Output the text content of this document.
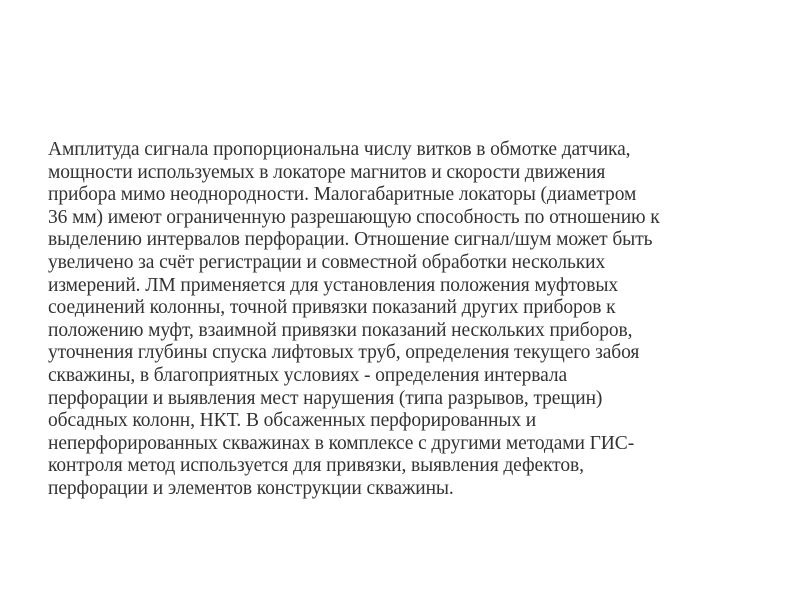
Амплитуда сигнала пропорциональна числу витков в обмотке датчика,
мощности используемых в локаторе магнитов и скорости движения
прибора мимо неоднородности. Малогабаритные локаторы (диаметром
36 мм) имеют ограниченную разрешающую способность по отношению к
выделению интервалов перфорации. Отношение сигнал/шум может быть
увеличено за счёт регистрации и совместной обработки нескольких
измерений. ЛМ применяется для установления положения муфтовых
соединений колонны, точной привязки показаний других приборов к
положению муфт, взаимной привязки показаний нескольких приборов,
уточнения глубины спуска лифтовых труб, определения текущего забоя
скважины, в благоприятных условиях - определения интервала
перфорации и выявления мест нарушения (типа разрывов, трещин)
обсадных колонн, НКТ. В обсаженных перфорированных и
неперфорированных скважинах в комплексе с другими методами ГИС-
контроля метод используется для привязки, выявления дефектов,
перфорации и элементов конструкции скважины.
